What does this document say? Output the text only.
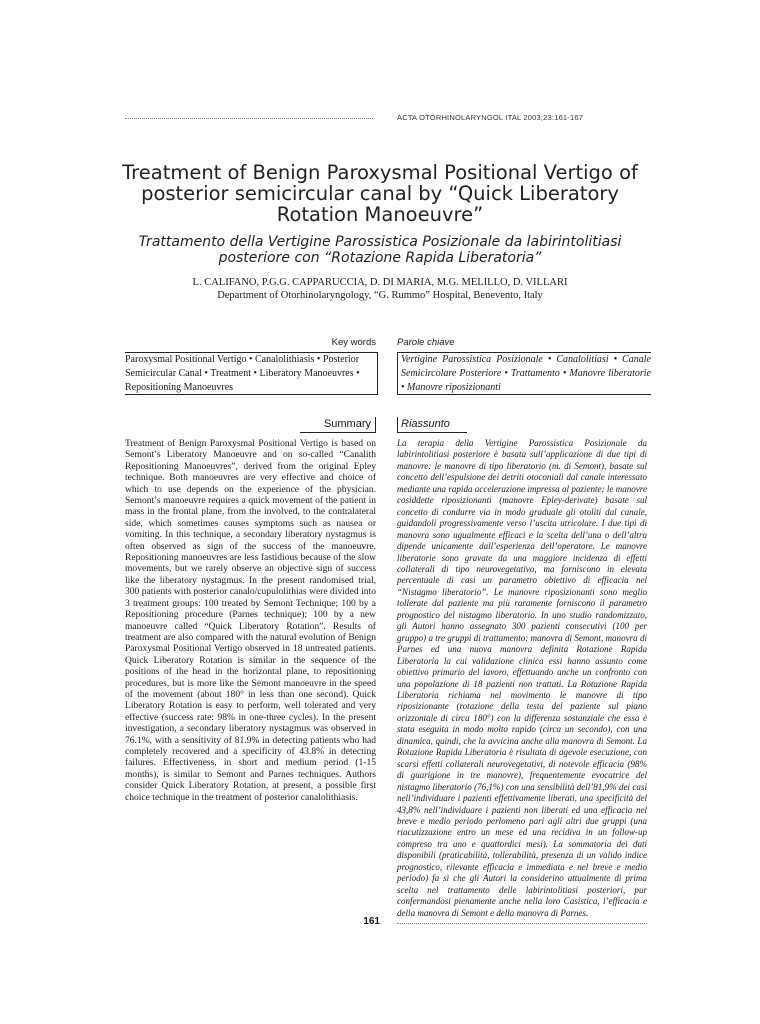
ACTA OTORHINOLARYNGOL ITAL 2003;23:161-167
Treatment of Benign Paroxysmal Positional Vertigo of posterior semicircular canal by “Quick Liberatory Rotation Manoeuvre”
Trattamento della Vertigine Parossistica Posizionale da labirintolitiasi posteriore con “Rotazione Rapida Liberatoria”
L. CALIFANO, P.G.G. CAPPARUCCIA, D. DI MARIA, M.G. MELILLO, D. VILLARI
Department of Otorhinolaryngology, “G. Rummo” Hospital, Benevento, Italy
Key words Parole chiave
Paroxysmal Positional Vertigo • Canalolithiasis • Posterior Semicircular Canal • Treatment • Liberatory Manoeuvres • Repositioning Manoeuvres
Vertigine Parossistica Posizionale • Canalolitiasi • Canale Semicircolare Posteriore • Trattamento • Manovre liberatorie • Manovre riposizionanti
Summary	Riassunto
Treatment of Benign Paroxysmal Positional Vertigo is based on Semont’s Liberatory Manoeuvre and on so-called “Canalith Repositioning Manoeuvres”, derived from the original Epley technique. Both manoeuvres are very effective and choice of which to use depends on the experience of the physician. Semont’s manoeuvre requires a quick movement of the patient in mass in the frontal plane, from the involved, to the contralateral side, which sometimes causes symptoms such as nausea or vomiting. In this technique, a secondary liberatory nystagmus is often observed as sign of the success of the manoeuvre. Repositioning manoeuvres are less fastidious because of the slow movements, but we rarely observe an objective sign of success like the liberatory nystagmus. In the present randomised trial, 300 patients with posterior canalo/cupulolithias were divided into 3 treatment groups: 100 treated by Semont Technique; 100 by a Repositioning procedure (Parnes technique); 100 by a new manoeuvre called “Quick Liberatory Rotation”. Results of treatment are also compared with the natural evolution of Benign Paroxysmal Positional Vertigo observed in 18 untreated patients. Quick Liberatory Rotation is similar in the sequence of the positions of the head in the horizontal plane, to repositioning procedures, but is more like the Semont manoeuvre in the speed of the movement (about 180° in less than one second). Quick Liberatory Rotation is easy to perform, well tolerated and very effective (success rate: 98% in one-three cycles). In the present investigation, a secondary liberatory nystagmus was observed in 76.1%, with a sensitivity of 81.9% in detecting patients who had completely recovered and a specificity of 43.8% in detecting failures. Effectiveness, in short and medium period (1-15 months), is similar to Semont and Parnes techniques. Authors consider Quick Liberatory Rotation, at present, a possible first choice technique in the treatment of posterior canalolithiasis.
La terapia della Vertigine Parossistica Posizionale da labirintolitiasi posteriore è basata sull’applicazione di due tipi di manovre: le manovre di tipo liberatorio (m. di Semont), basate sul concetto dell’espulsione dei detriti otoconiali dal canale interessato mediante una rapida accelerazione impressa al paziente; le manovre cosiddette riposizionanti (manovre Epley-derivate) basate sul concetto di condurre via in modo graduale gli otoliti dal canale, guidandoli progressivamente verso l’uscita utricolare. I due tipi di manovra sono ugualmente efficaci e la scelta dell’una o dell’altra dipende unicamente dall’esperienza dell’operatore. Le manovre liberatorie sono gravate da una maggiore incidenza di effetti collaterali di tipo neurovegetativo, ma forniscono in elevata percentuale di casi un parametro obiettivo di efficacia nel “Nistagmo liberatorio”. Le manovre riposizionanti sono meglio tollerate dal paziente ma più raramente forniscono il parametro prognostico del nistagmo liberatorio. In uno studio randomizzato, gli Autori hanno assegnato 300 pazienti consecutivi (100 per gruppo) a tre gruppi di trattamento: manovra di Semont, manovra di Parnes ed una nuova manovra definita Rotazione Rapida Liberatoria la cui validazione clinica essi hanno assunto come obiettivo primario del lavoro, effettuando anche un confronto con una popolazione di 18 pazienti non trattati. La Rotazione Rapida Liberatoria richiama nel movimento le manovre di tipo riposizionante (rotazione della testa del paziente sul piano orizzontale di circa 180°) con la differenza sostanziale che essa è stata eseguita in modo molto rapido (circa un secondo), con una dinamica, quindi, che la avvicina anche alla manovra di Semont. La Rotazione Rapida Liberatoria è risultata di agevole esecuzione, con scarsi effetti collaterali neurovegetativi, di notevole efficacia (98% di guarigione in tre manovre), frequentemente evocatrice del nistagmo liberatorio (76,1%) con una sensibilità dell’81,9% dei casi nell’individuare i pazienti effettivamente liberati, una specificità del 43,8% nell’individuare i pazienti non liberati ed una efficacia nel breve e medio periodo perlomeno pari agli altri due gruppi (una riacutizzazione entro un mese ed una recidiva in un follow-up compreso tra uno e quattordici mesi). La sommatoria dei dati disponibili (praticabilità, tollerabilità, presenza di un valido indice prognostico, rilevante efficacia e immediata e nel breve e medio periodo) fa sì che gli Autori la considerino attualmente di prima scelta nel trattamento delle labirintolitiasi posteriori, pur confermandosi pienamente anche nella loro Casistica, l’efficacia e della manovra di Semont e della manovra di Parnes.
161
